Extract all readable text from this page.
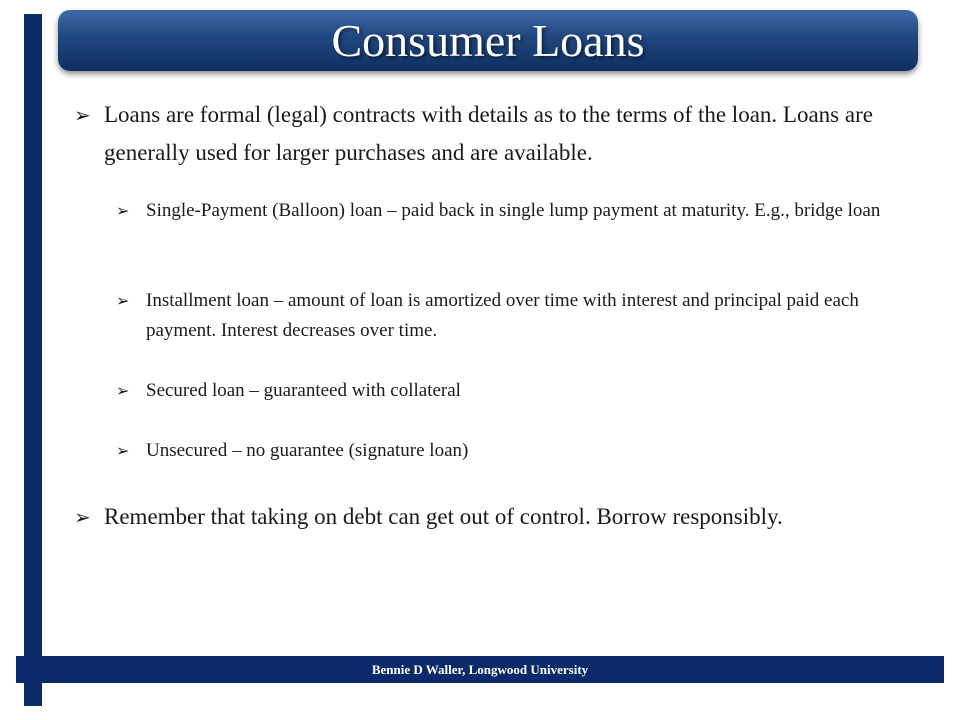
Consumer Loans
➢ Loans are formal (legal) contracts with details as to the terms of the loan. Loans are generally used for larger purchases and are available.
➢ Single-Payment (Balloon) loan – paid back in single lump payment at maturity. E.g., bridge loan
➢ Installment loan – amount of loan is amortized over time with interest and principal paid each payment. Interest decreases over time.
➢ Secured loan – guaranteed with collateral
➢ Unsecured – no guarantee (signature loan)
➢ Remember that taking on debt can get out of control. Borrow responsibly.
Bennie D Waller, Longwood University
